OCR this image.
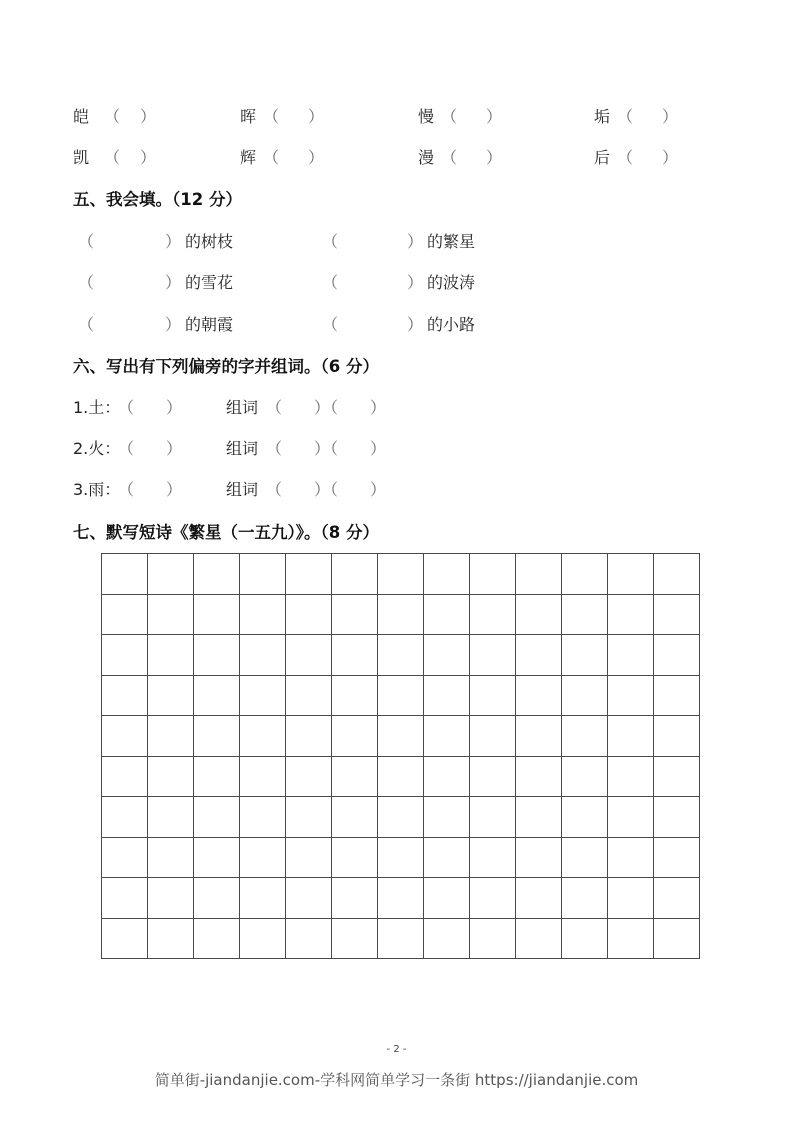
皑 （ ）	晖 （ ）	慢 （ ）	垢 （ ）
凯 （ ）	辉 （ ）	漫 （ ）	后 （ ）
五、我会填。（12 分）
（	） 的树枝	（	） 的繁星
（	） 的雪花	（	） 的波涛
（	） 的朝霞	（	） 的小路
六、写出有下列偏旁的字并组词。（6 分）
1.土：
（　　）	组词 （　　）（　　）
2.火：
（　　）	组词 （　　）（　　）
3.雨：
（　　）	组词 （　　）（　　）
七、默写短诗《繁星（一五九）》。（8 分）

- 2 -
简单街-jiandanjie.com-学科网简单学习一条街 https://jiandanjie.com
